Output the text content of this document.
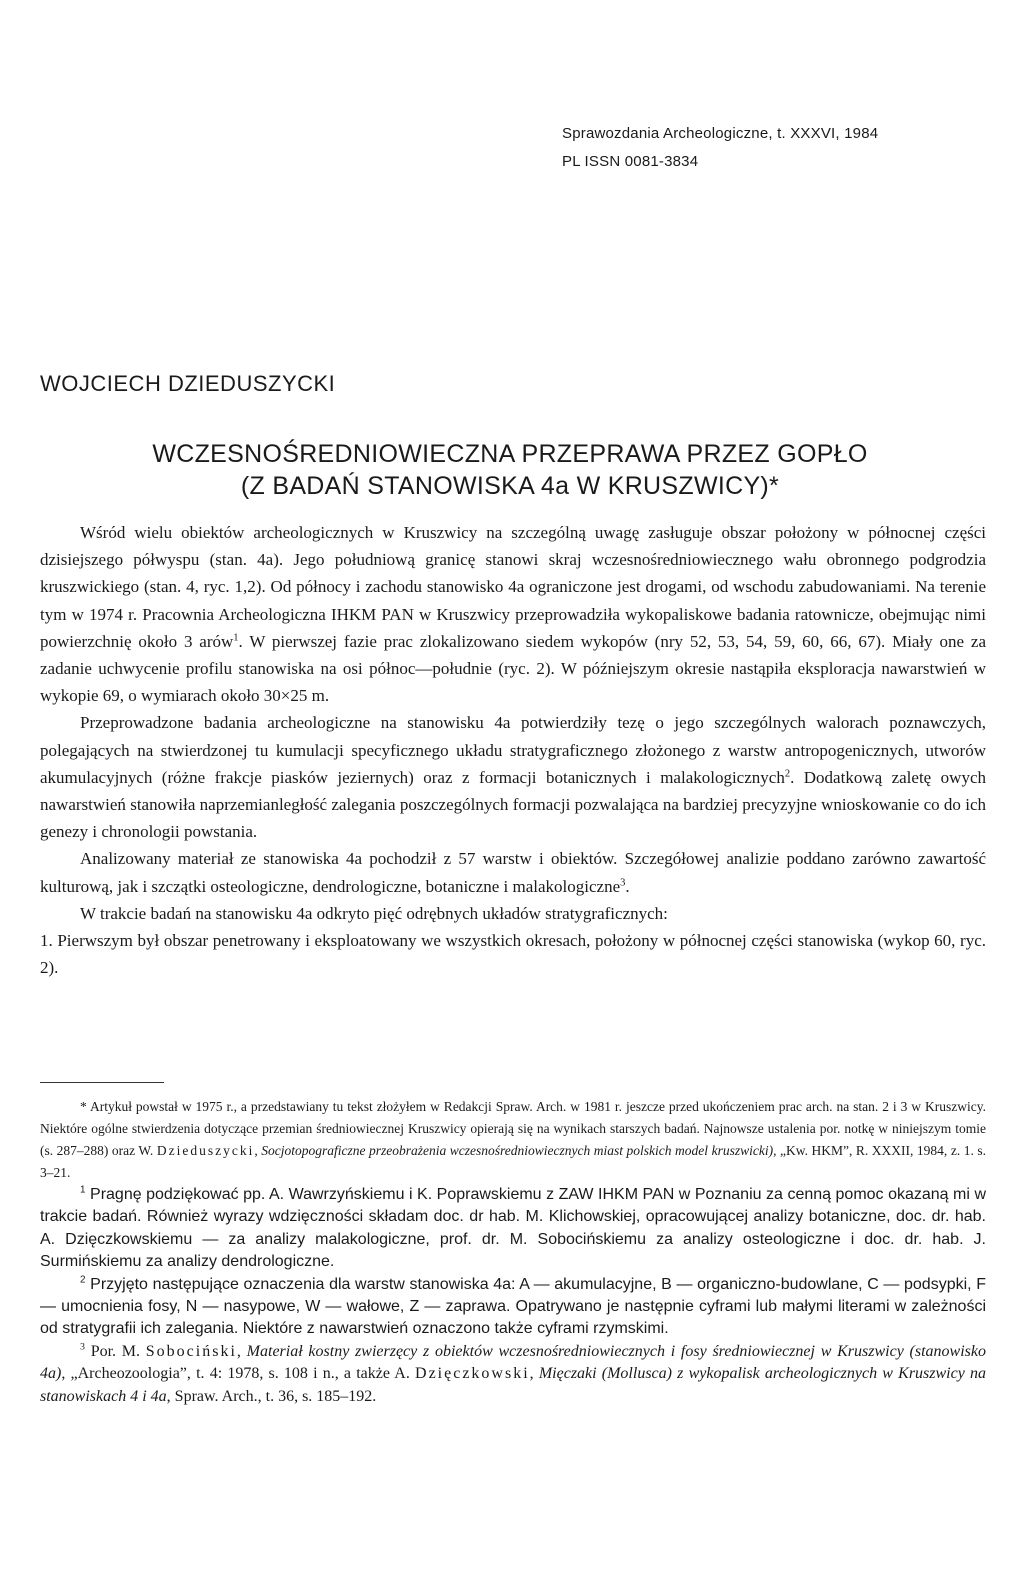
Sprawozdania Archeologiczne, t. XXXVI, 1984
PL ISSN 0081-3834
WOJCIECH DZIEDUSZYCKI
WCZESNOŚREDNIOWIECZNA PRZEPRAWA PRZEZ GOPŁO
(Z BADAŃ STANOWISKA 4a W KRUSZWICY)*

Wśród wielu obiektów archeologicznych w Kruszwicy na szczególną uwagę zasługuje obszar położony w północnej części dzisiejszego półwyspu (stan. 4a). Jego południową granicę stanowi skraj wczesnośredniowiecznego wału obronnego podgrodzia kruszwickiego (stan. 4, ryc. 1,2). Od północy i zachodu stanowisko 4a ograniczone jest drogami, od wschodu zabudowaniami. Na terenie tym w 1974 r. Pracownia Archeologiczna IHKM PAN w Kruszwicy przeprowadziła wykopaliskowe badania ratownicze, obejmując nimi powierzchnię około 3 arów$^1$. W pierwszej fazie prac zlokalizowano siedem wykopów (nry 52, 53, 54, 59, 60, 66, 67). Miały one za zadanie uchwycenie profilu stanowiska na osi północ—południe (ryc. 2). W późniejszym okresie nastąpiła eksploracja nawarstwień w wykopie 69, o wymiarach około 30×25 m.

Przeprowadzone badania archeologiczne na stanowisku 4a potwierdziły tezę o jego szczególnych walorach poznawczych, polegających na stwierdzonej tu kumulacji specyficznego układu stratygraficznego złożonego z warstw antropogenicznych, utworów akumulacyjnych (różne frakcje piasków jeziernych) oraz z formacji botanicznych i malakologicznych$^2$. Dodatkową zaletę owych nawarstwień stanowiła naprzemianległość zalegania poszczególnych formacji pozwalająca na bardziej precyzyjne wnioskowanie co do ich genezy i chronologii powstania.

Analizowany materiał ze stanowiska 4a pochodził z 57 warstw i obiektów. Szczegółowej analizie poddano zarówno zawartość kulturową, jak i szczątki osteologiczne, dendrologiczne, botaniczne i malakologiczne$^3$.

W trakcie badań na stanowisku 4a odkryto pięć odrębnych układów stratygraficznych:

1. Pierwszym był obszar penetrowany i eksploatowany we wszystkich okresach, położony w północnej części stanowiska (wykop 60, ryc. 2).

* Artykuł powstał w 1975 r., a przedstawiany tu tekst złożyłem w Redakcji Spraw. Arch. w 1981 r. jeszcze przed ukończeniem prac arch. na stan. 2 i 3 w Kruszwicy. Niektóre ogólne stwierdzenia dotyczące przemian średniowiecznej Kruszwicy opierają się na wynikach starszych badań. Najnowsze ustalenia por. notkę w niniejszym tomie (s. 287–288) oraz W. Dzieduszycki, Socjotopograficzne przeobrażenia wczesnośredniowiecznych miast polskich model kruszwicki), „Kw. HKM”, R. XXXII, 1984, z. 1. s. 3–21.

$^1$ Pragnę podziękować pp. A. Wawrzyńskiemu i K. Poprawskiemu z ZAW IHKM PAN w Poznaniu za cenną pomoc okazaną mi w trakcie badań. Również wyrazy wdzięczności składam doc. dr hab. M. Klichowskiej, opracowującej analizy botaniczne, doc. dr. hab. A. Dzięczkowskiemu — za analizy malakologiczne, prof. dr. M. Sobocińskiemu za analizy osteologiczne i doc. dr. hab. J. Surmińskiemu za analizy dendrologiczne.

$^2$ Przyjęto następujące oznaczenia dla warstw stanowiska 4a: A — akumulacyjne, B — organiczno-budowlane, C — podsypki, F — umocnienia fosy, N — nasypowe, W — wałowe, Z — zaprawa. Opatrywano je następnie cyframi lub małymi literami w zależności od stratygrafii ich zalegania. Niektóre z nawarstwień oznaczono także cyframi rzymskimi.

$^3$ Por. M. Sobociński, Materiał kostny zwierzęcy z obiektów wczesnośredniowiecznych i fosy średniowiecznej w Kruszwicy (stanowisko 4a), „Archeozoologia”, t. 4: 1978, s. 108 i n., a także A. Dzięczkowski, Mięczaki (Mollusca) z wykopalisk archeologicznych w Kruszwicy na stanowiskach 4 i 4a, Spraw. Arch., t. 36, s. 185–192.
